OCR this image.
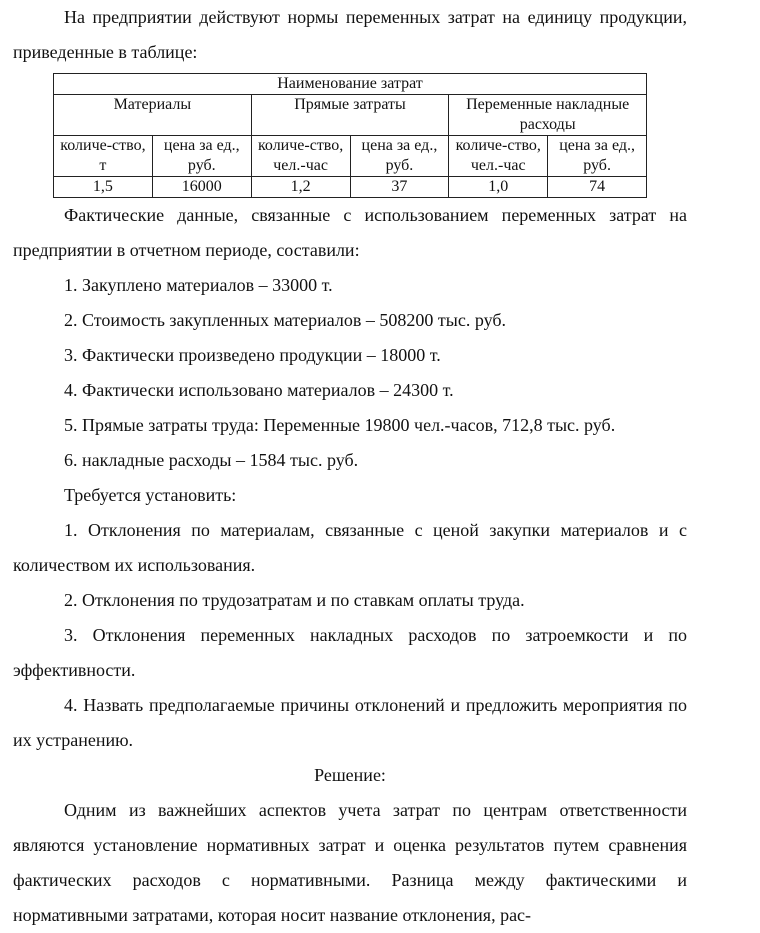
На предприятии действуют нормы переменных затрат на единицу продукции, приведенные в таблице:

Наименование затрат					
Материалы		Прямые затраты		Переменные накладные расходы	
количе-ство, т	цена за ед., руб.	количе-ство, чел.-час	цена за ед., руб.	количе-ство, чел.-час	цена за ед., руб.
1,5	16000	1,2	37	1,0	74

Фактические данные, связанные с использованием переменных затрат на предприятии в отчетном периоде, составили:

1. Закуплено материалов – 33000 т.

2. Стоимость закупленных материалов – 508200 тыс. руб.

3. Фактически произведено продукции – 18000 т.

4. Фактически использовано материалов – 24300 т.

5. Прямые затраты труда: Переменные 19800 чел.-часов, 712,8 тыс. руб.

6. накладные расходы – 1584 тыс. руб.

Требуется установить:

1. Отклонения по материалам, связанные с ценой закупки материалов и с количеством их использования.

2. Отклонения по трудозатратам и по ставкам оплаты труда.

3. Отклонения переменных накладных расходов по затроемкости и по эффективности.

4. Назвать предполагаемые причины отклонений и предложить мероприятия по их устранению.

Решение:

Одним из важнейших аспектов учета затрат по центрам ответственности являются установление нормативных затрат и оценка результатов путем сравнения фактических расходов с нормативными. Разница между фактическими и нормативными затратами, которая носит название отклонения, рас-
